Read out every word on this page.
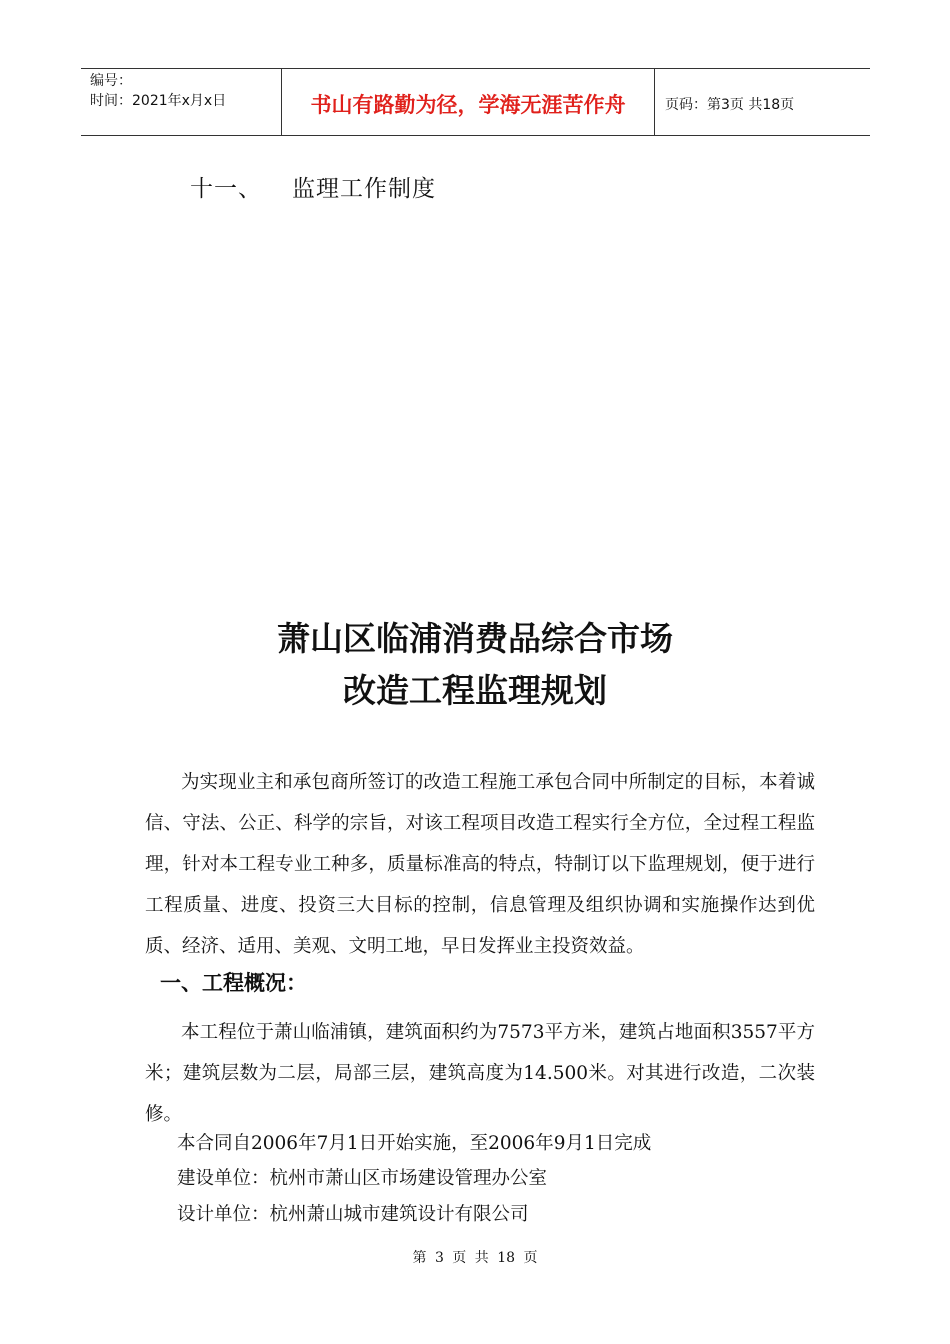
编号：
时间：2021年x月x日	书山有路勤为径，学海无涯苦作舟	页码：第3页 共18页
十一、 监理工作制度
萧山区临浦消费品综合市场
改造工程监理规划
为实现业主和承包商所签订的改造工程施工承包合同中所制定的目标，本着诚信、守法、公正、科学的宗旨，对该工程项目改造工程实行全方位，全过程工程监理，针对本工程专业工种多，质量标准高的特点，特制订以下监理规划，便于进行工程质量、进度、投资三大目标的控制，信息管理及组织协调和实施操作达到优质、经济、适用、美观、文明工地，早日发挥业主投资效益。
一、工程概况：
本工程位于萧山临浦镇，建筑面积约为7573平方米，建筑占地面积3557平方米；建筑层数为二层，局部三层，建筑高度为14.500米。对其进行改造，二次装修。
本合同自2006年7月1日开始实施，至2006年9月1日完成
建设单位：杭州市萧山区市场建设管理办公室
设计单位：杭州萧山城市建筑设计有限公司
第 3 页 共 18 页
